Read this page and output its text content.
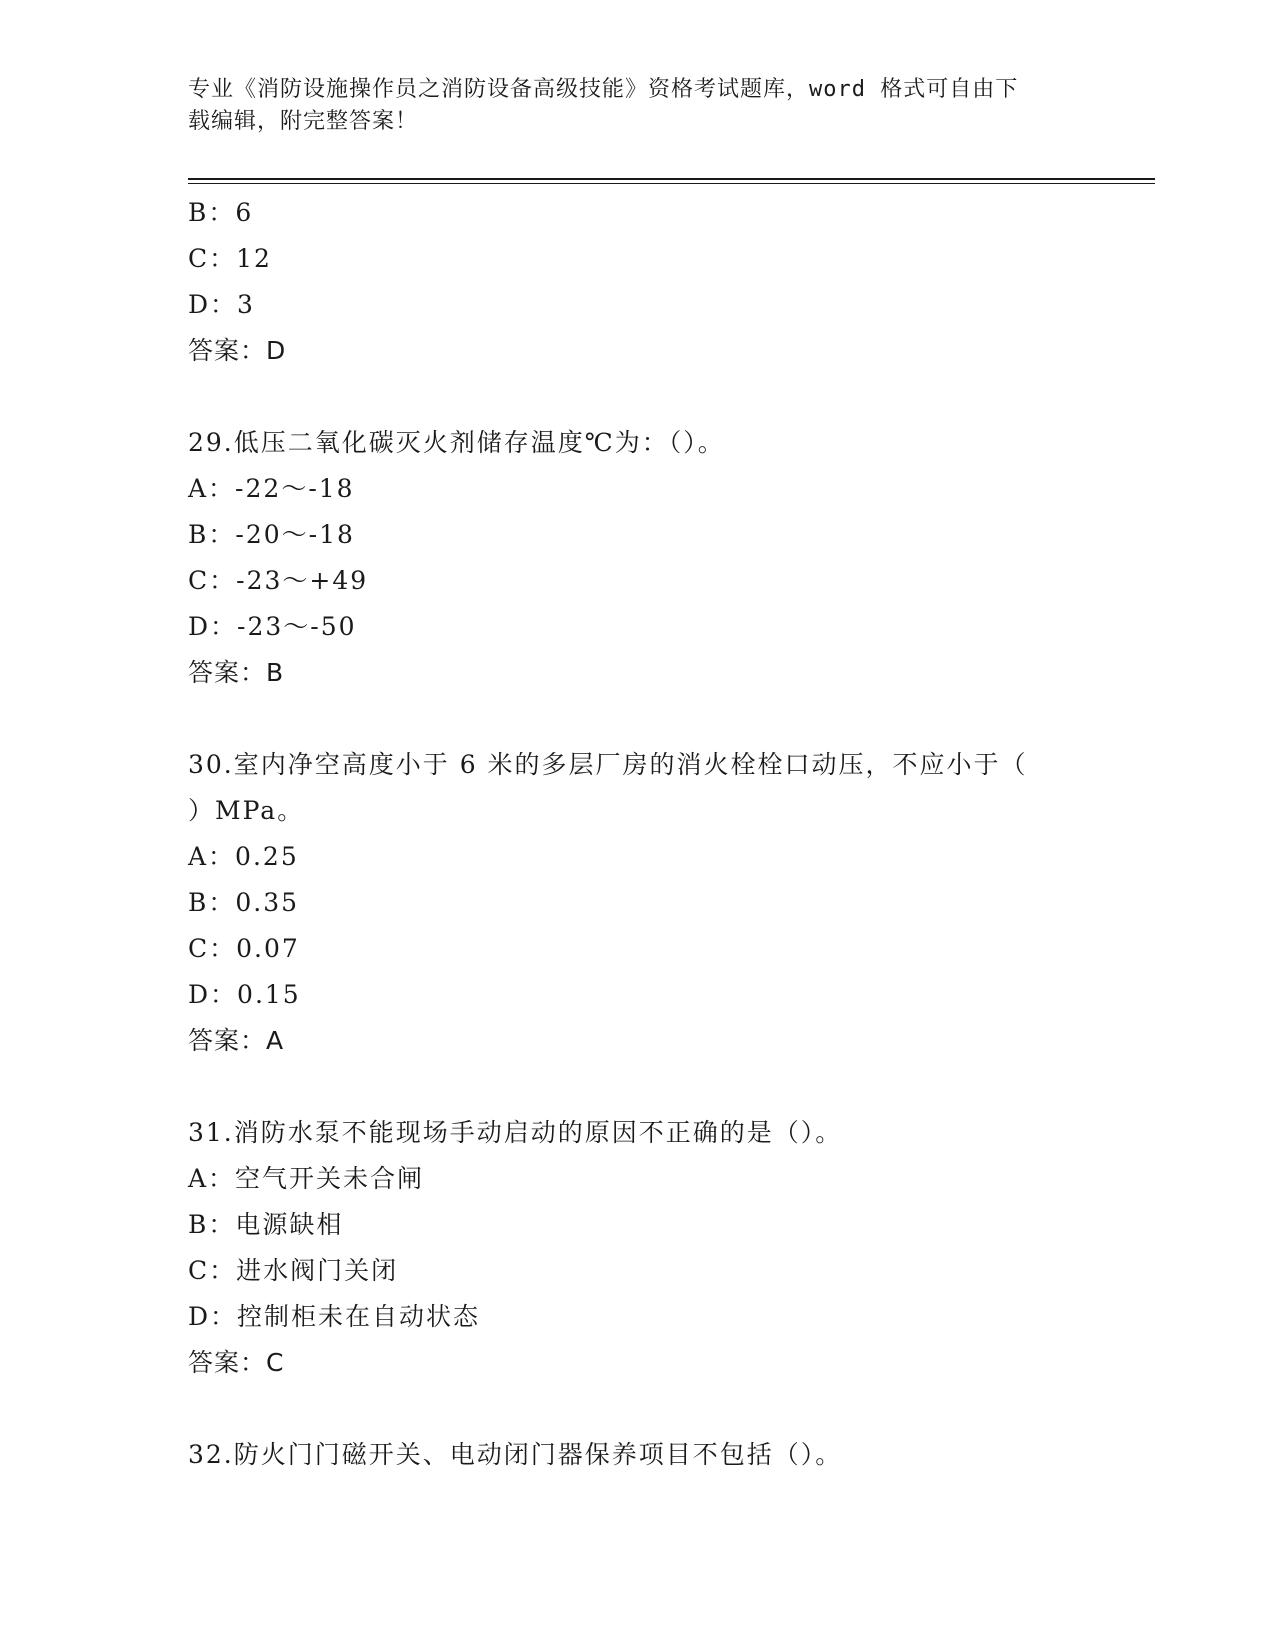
专业《消防设施操作员之消防设备高级技能》资格考试题库，word 格式可自由下
载编辑，附完整答案！
B：6
C：12
D：3
答案：D
29.低压二氧化碳灭火剂储存温度℃为：（）。
A：-22～-18
B：-20～-18
C：-23～+49
D：-23～-50
答案：B
30.室内净空高度小于 6 米的多层厂房的消火栓栓口动压，不应小于（
）MPa。
A：0.25
B：0.35
C：0.07
D：0.15
答案：A
31.消防水泵不能现场手动启动的原因不正确的是（）。
A：空气开关未合闸
B：电源缺相
C：进水阀门关闭
D：控制柜未在自动状态
答案：C
32.防火门门磁开关、电动闭门器保养项目不包括（）。
